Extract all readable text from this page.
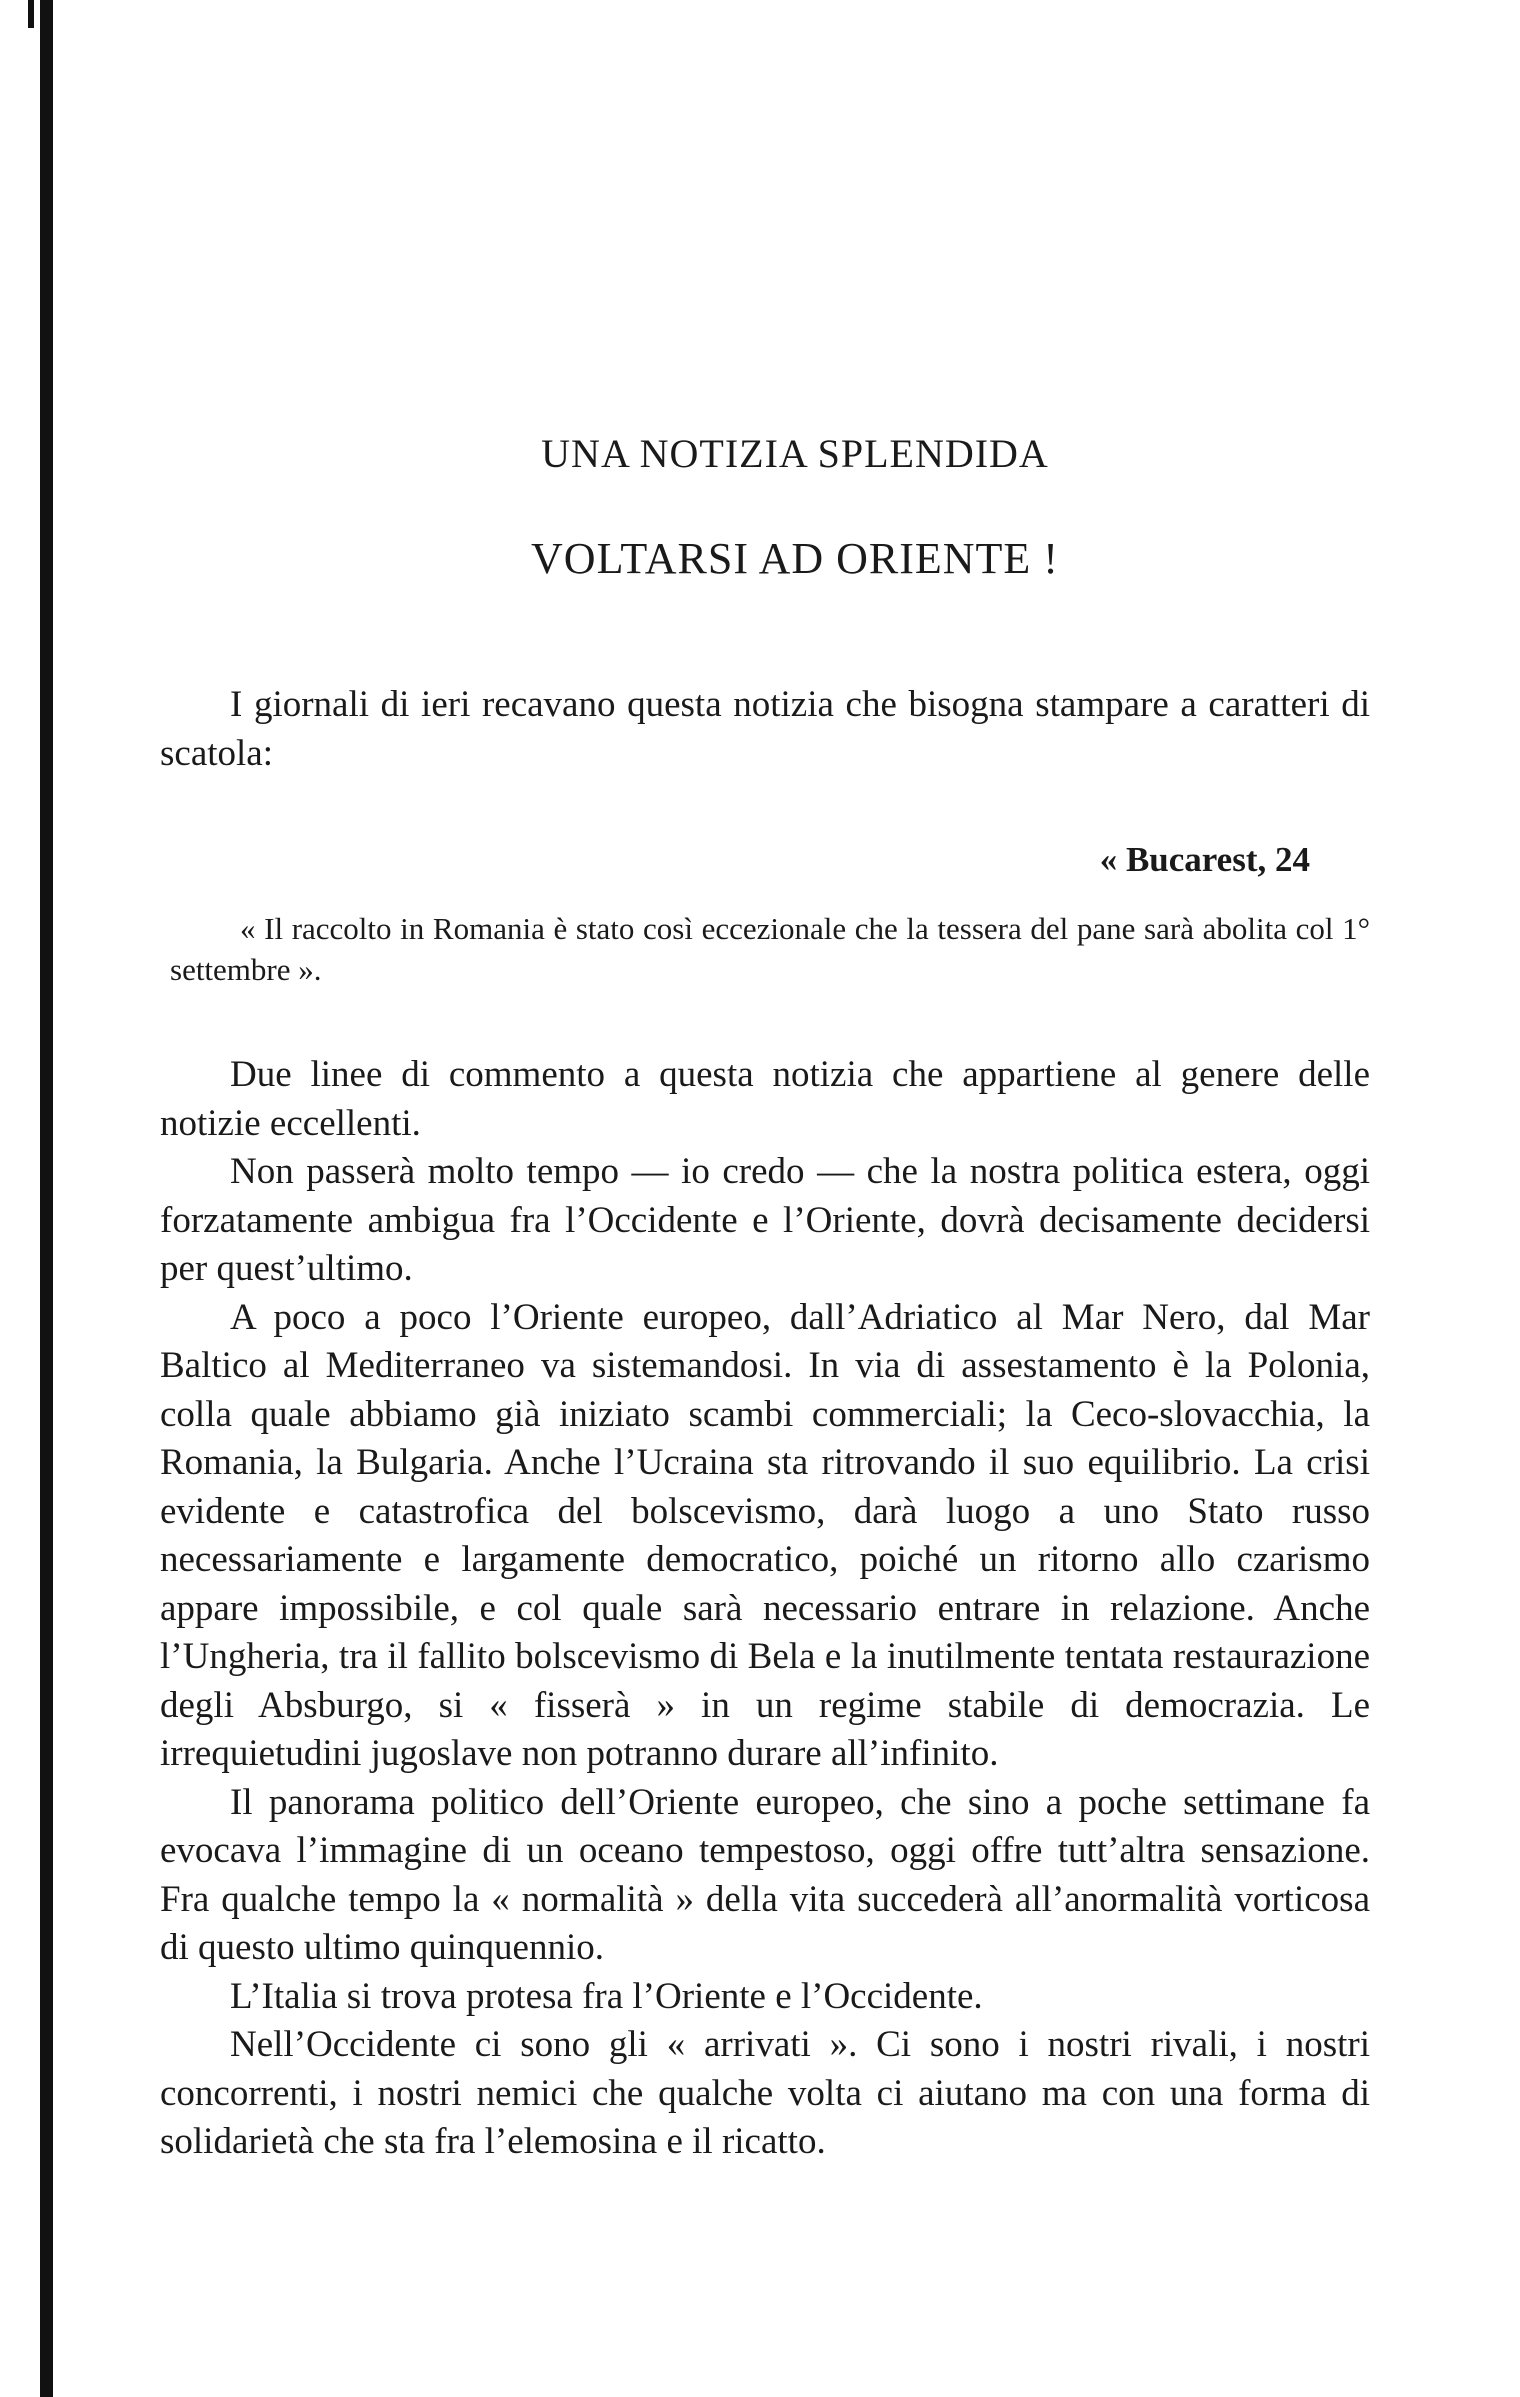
UNA NOTIZIA SPLENDIDA
VOLTARSI AD ORIENTE !

I giornali di ieri recavano questa notizia che bisogna stampare a caratteri di scatola:

« Bucarest, 24

« Il raccolto in Romania è stato così eccezionale che la tessera del pane sarà abolita col 1° settembre ».

Due linee di commento a questa notizia che appartiene al genere delle notizie eccellenti.

Non passerà molto tempo — io credo — che la nostra politica estera, oggi forzatamente ambigua fra l’Occidente e l’Oriente, dovrà decisamente decidersi per quest’ultimo.

A poco a poco l’Oriente europeo, dall’Adriatico al Mar Nero, dal Mar Baltico al Mediterraneo va sistemandosi. In via di assestamento è la Polonia, colla quale abbiamo già iniziato scambi commerciali; la Ceco-slovacchia, la Romania, la Bulgaria. Anche l’Ucraina sta ritrovando il suo equilibrio. La crisi evidente e catastrofica del bolscevismo, darà luogo a uno Stato russo necessariamente e largamente democratico, poiché un ritorno allo czarismo appare impossibile, e col quale sarà necessario entrare in relazione. Anche l’Ungheria, tra il fallito bolscevismo di Bela e la inutilmente tentata restaurazione degli Absburgo, si « fisserà » in un regime stabile di democrazia. Le irrequietudini jugoslave non potranno durare all’infinito.

Il panorama politico dell’Oriente europeo, che sino a poche settimane fa evocava l’immagine di un oceano tempestoso, oggi offre tutt’altra sensazione. Fra qualche tempo la « normalità » della vita succederà all’anormalità vorticosa di questo ultimo quinquennio.

L’Italia si trova protesa fra l’Oriente e l’Occidente.

Nell’Occidente ci sono gli « arrivati ». Ci sono i nostri rivali, i nostri concorrenti, i nostri nemici che qualche volta ci aiutano ma con una forma di solidarietà che sta fra l’elemosina e il ricatto.
